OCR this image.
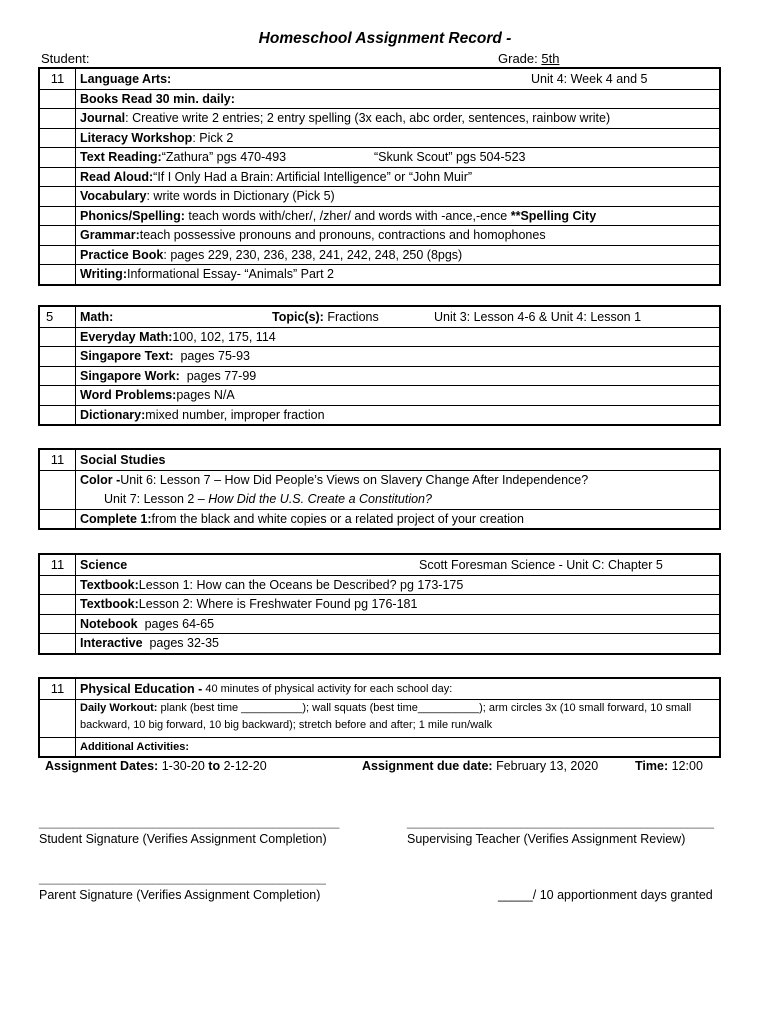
Homeschool Assignment Record -
Student:	Grade: 5th
11	Language Arts:	Unit 4: Week 4 and 5
Books Read 30 min. daily:
Journal : Creative write 2 entries; 2 entry spelling (3x each, abc order, sentences, rainbow write)
Literacy Workshop : Pick 2
Text Reading: “Zathura” pgs 470-493	“Skunk Scout” pgs 504-523
Read Aloud: “If I Only Had a Brain: Artificial Intelligence” or “John Muir”
Vocabulary : write words in Dictionary (Pick 5)
Phonics/Spelling: teach words with/cher/, /zher/ and words with -ance,-ence **Spelling City
Grammar: teach possessive pronouns and pronouns, contractions and homophones
Practice Book : pages 229, 230, 236, 238, 241, 242, 248, 250 (8pgs)
Writing: Informational Essay- “Animals” Part 2
5	Math:	Topic(s): Fractions	Unit 3: Lesson 4-6 & Unit 4: Lesson 1
Everyday Math: 100, 102, 175, 114
Singapore Text: pages 75-93
Singapore Work: pages 77-99
Word Problems: pages N/A
Dictionary: mixed number, improper fraction
11	Social Studies
Color - Unit 6: Lesson 7 – How Did People’s Views on Slavery Change After Independence?
Unit 7: Lesson 2 – How Did the U.S. Create a Constitution?
Complete 1: from the black and white copies or a related project of your creation
11	Science	Scott Foresman Science - Unit C: Chapter 5
Textbook: Lesson 1: How can the Oceans be Described? pg 173-175
Textbook: Lesson 2: Where is Freshwater Found pg 176-181
Notebook pages 64-65
Interactive pages 32-35
11	Physical Education - 40 minutes of physical activity for each school day:
Daily Workout: plank (best time __________); wall squats (best time__________); arm circles 3x (10 small forward, 10 small
backward, 10 big forward, 10 big backward); stretch before and after; 1 mile run/walk
Additional Activities:
Assignment Dates: 1-30-20 to 2-12-20	Assignment due date: February 13, 2020	Time: 12:00
_____________________________________________
Student Signature (Verifies Assignment Completion)
______________________________________________
Supervising Teacher (Verifies Assignment Review)
___________________________________________
Parent Signature (Verifies Assignment Completion)	_____/ 10 apportionment days granted
